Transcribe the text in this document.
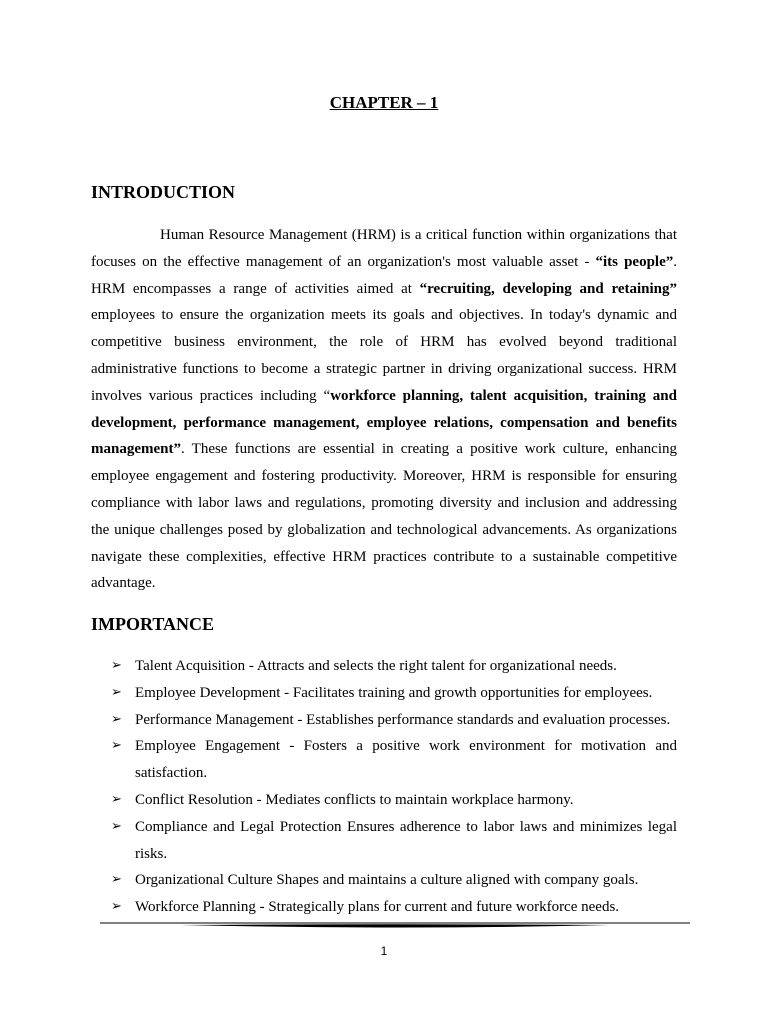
CHAPTER – 1
INTRODUCTION

Human Resource Management (HRM) is a critical function within organizations that focuses on the effective management of an organization's most valuable asset - “its people”. HRM encompasses a range of activities aimed at “recruiting, developing and retaining” employees to ensure the organization meets its goals and objectives. In today's dynamic and competitive business environment, the role of HRM has evolved beyond traditional administrative functions to become a strategic partner in driving organizational success. HRM involves various practices including “workforce planning, talent acquisition, training and development, performance management, employee relations, compensation and benefits management”. These functions are essential in creating a positive work culture, enhancing employee engagement and fostering productivity. Moreover, HRM is responsible for ensuring compliance with labor laws and regulations, promoting diversity and inclusion and addressing the unique challenges posed by globalization and technological advancements. As organizations navigate these complexities, effective HRM practices contribute to a sustainable competitive advantage.

IMPORTANCE
➢ Talent Acquisition - Attracts and selects the right talent for organizational needs.
➢ Employee Development - Facilitates training and growth opportunities for employees.
➢ Performance Management - Establishes performance standards and evaluation processes.
➢ Employee Engagement - Fosters a positive work environment for motivation and satisfaction.
➢ Conflict Resolution - Mediates conflicts to maintain workplace harmony.
➢ Compliance and Legal Protection Ensures adherence to labor laws and minimizes legal risks.
➢ Organizational Culture Shapes and maintains a culture aligned with company goals.
➢ Workforce Planning - Strategically plans for current and future workforce needs.
1
